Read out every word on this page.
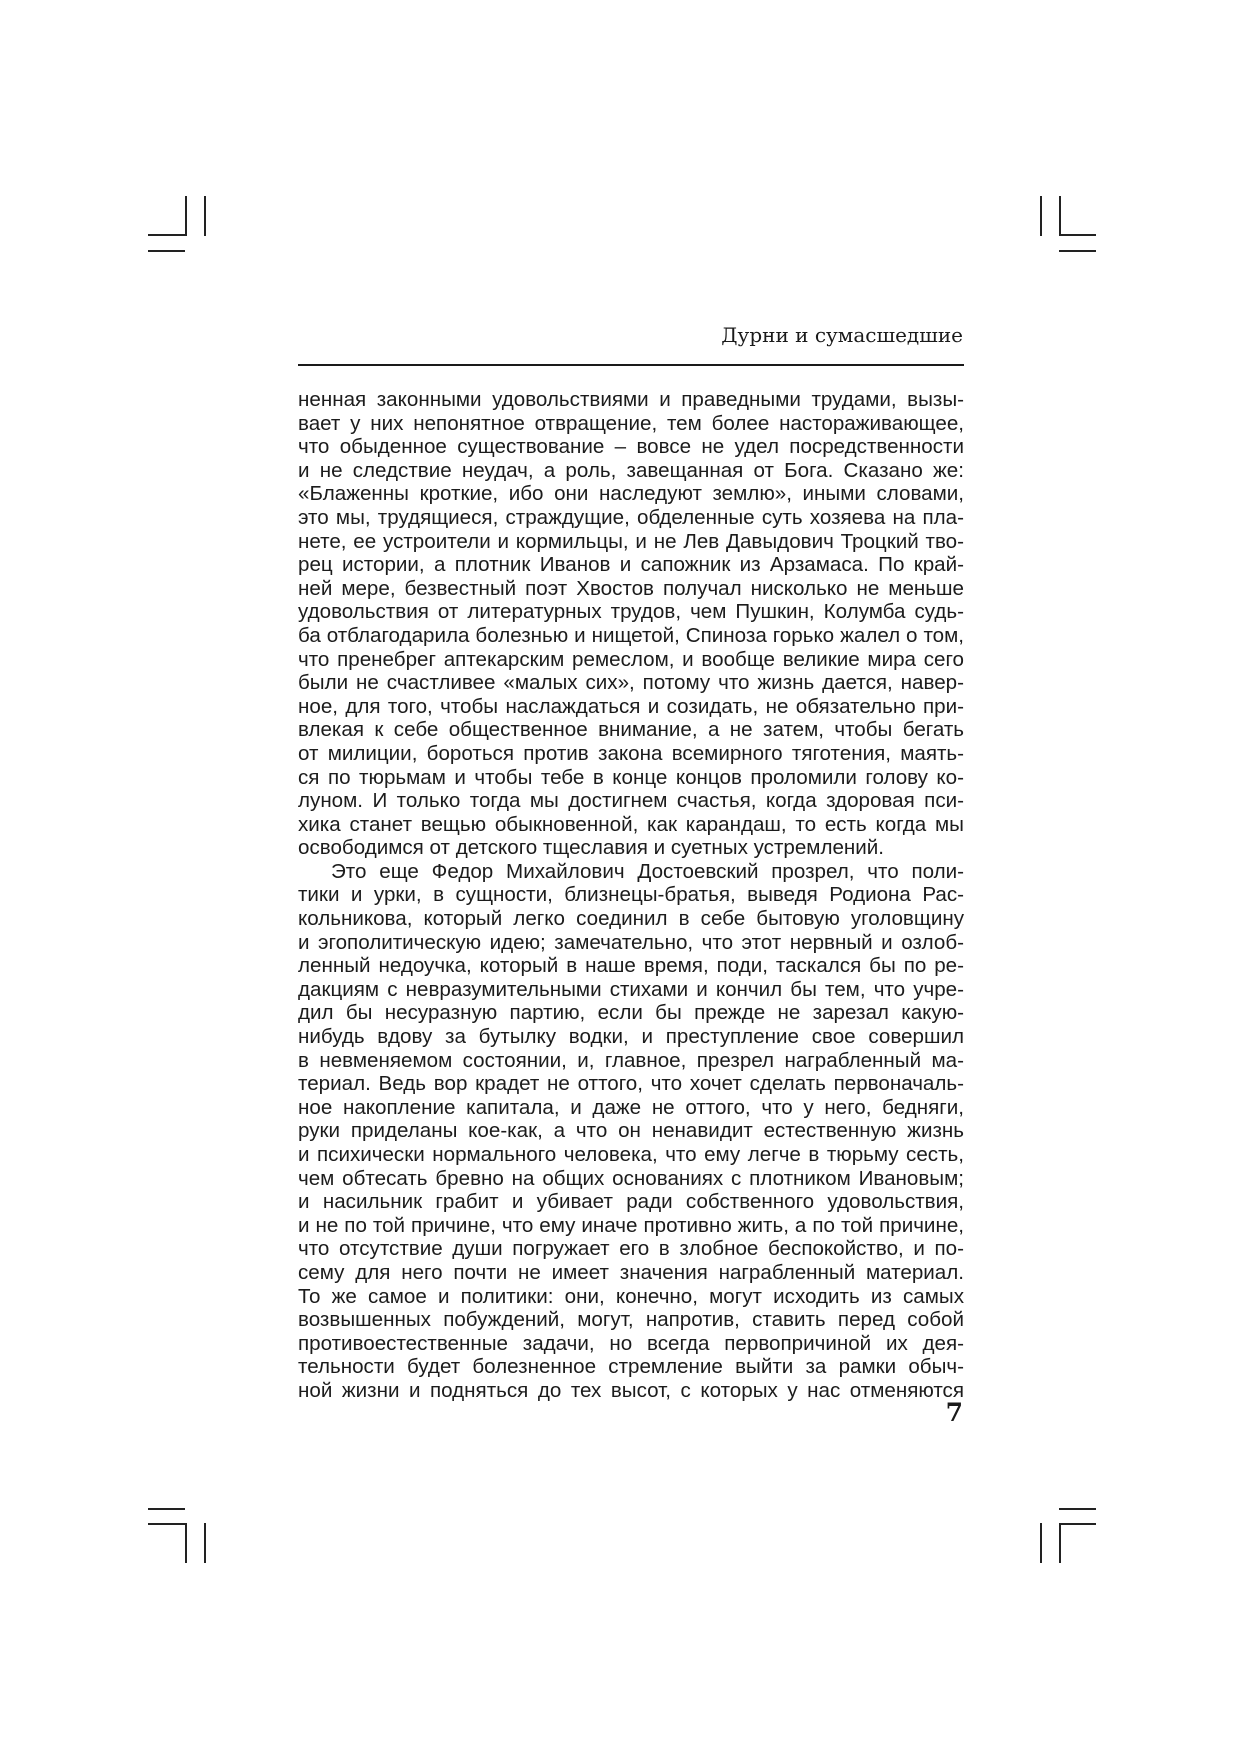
Дурни и сумасшедшие
ненная законными удовольствиями и праведными трудами, вызы-
вает у них непонятное отвращение, тем более настораживающее,
что обыденное существование – вовсе не удел посредственности
и не следствие неудач, а роль, завещанная от Бога. Сказано же:
«Блаженны кроткие, ибо они наследуют землю», иными словами,
это мы, трудящиеся, страждущие, обделенные суть хозяева на пла-
нете, ее устроители и кормильцы, и не Лев Давыдович Троцкий тво-
рец истории, а плотник Иванов и сапожник из Арзамаса. По край-
ней мере, безвестный поэт Хвостов получал нисколько не меньше
удовольствия от литературных трудов, чем Пушкин, Колумба судь-
ба отблагодарила болезнью и нищетой, Спиноза горько жалел о том,
что пренебрег аптекарским ремеслом, и вообще великие мира сего
были не счастливее «малых сих», потому что жизнь дается, навер-
ное, для того, чтобы наслаждаться и созидать, не обязательно при-
влекая к себе общественное внимание, а не затем, чтобы бегать
от милиции, бороться против закона всемирного тяготения, маять-
ся по тюрьмам и чтобы тебе в конце концов проломили голову ко-
луном. И только тогда мы достигнем счастья, когда здоровая пси-
хика станет вещью обыкновенной, как карандаш, то есть когда мы
освободимся от детского тщеславия и суетных устремлений.
Это еще Федор Михайлович Достоевский прозрел, что поли-
тики и урки, в сущности, близнецы-братья, выведя Родиона Рас-
кольникова, который легко соединил в себе бытовую уголовщину
и эгополитическую идею; замечательно, что этот нервный и озлоб-
ленный недоучка, который в наше время, поди, таскался бы по ре-
дакциям с невразумительными стихами и кончил бы тем, что учре-
дил бы несуразную партию, если бы прежде не зарезал какую-
нибудь вдову за бутылку водки, и преступление свое совершил
в невменяемом состоянии, и, главное, презрел награбленный ма-
териал. Ведь вор крадет не оттого, что хочет сделать первоначаль-
ное накопление капитала, и даже не оттого, что у него, бедняги,
руки приделаны кое-как, а что он ненавидит естественную жизнь
и психически нормального человека, что ему легче в тюрьму сесть,
чем обтесать бревно на общих основаниях с плотником Ивановым;
и насильник грабит и убивает ради собственного удовольствия,
и не по той причине, что ему иначе противно жить, а по той причине,
что отсутствие души погружает его в злобное беспокойство, и по-
сему для него почти не имеет значения награбленный материал.
То же самое и политики: они, конечно, могут исходить из самых
возвышенных побуждений, могут, напротив, ставить перед собой
противоестественные задачи, но всегда первопричиной их дея-
тельности будет болезненное стремление выйти за рамки обыч-
ной жизни и подняться до тех высот, с которых у нас отменяются
7
